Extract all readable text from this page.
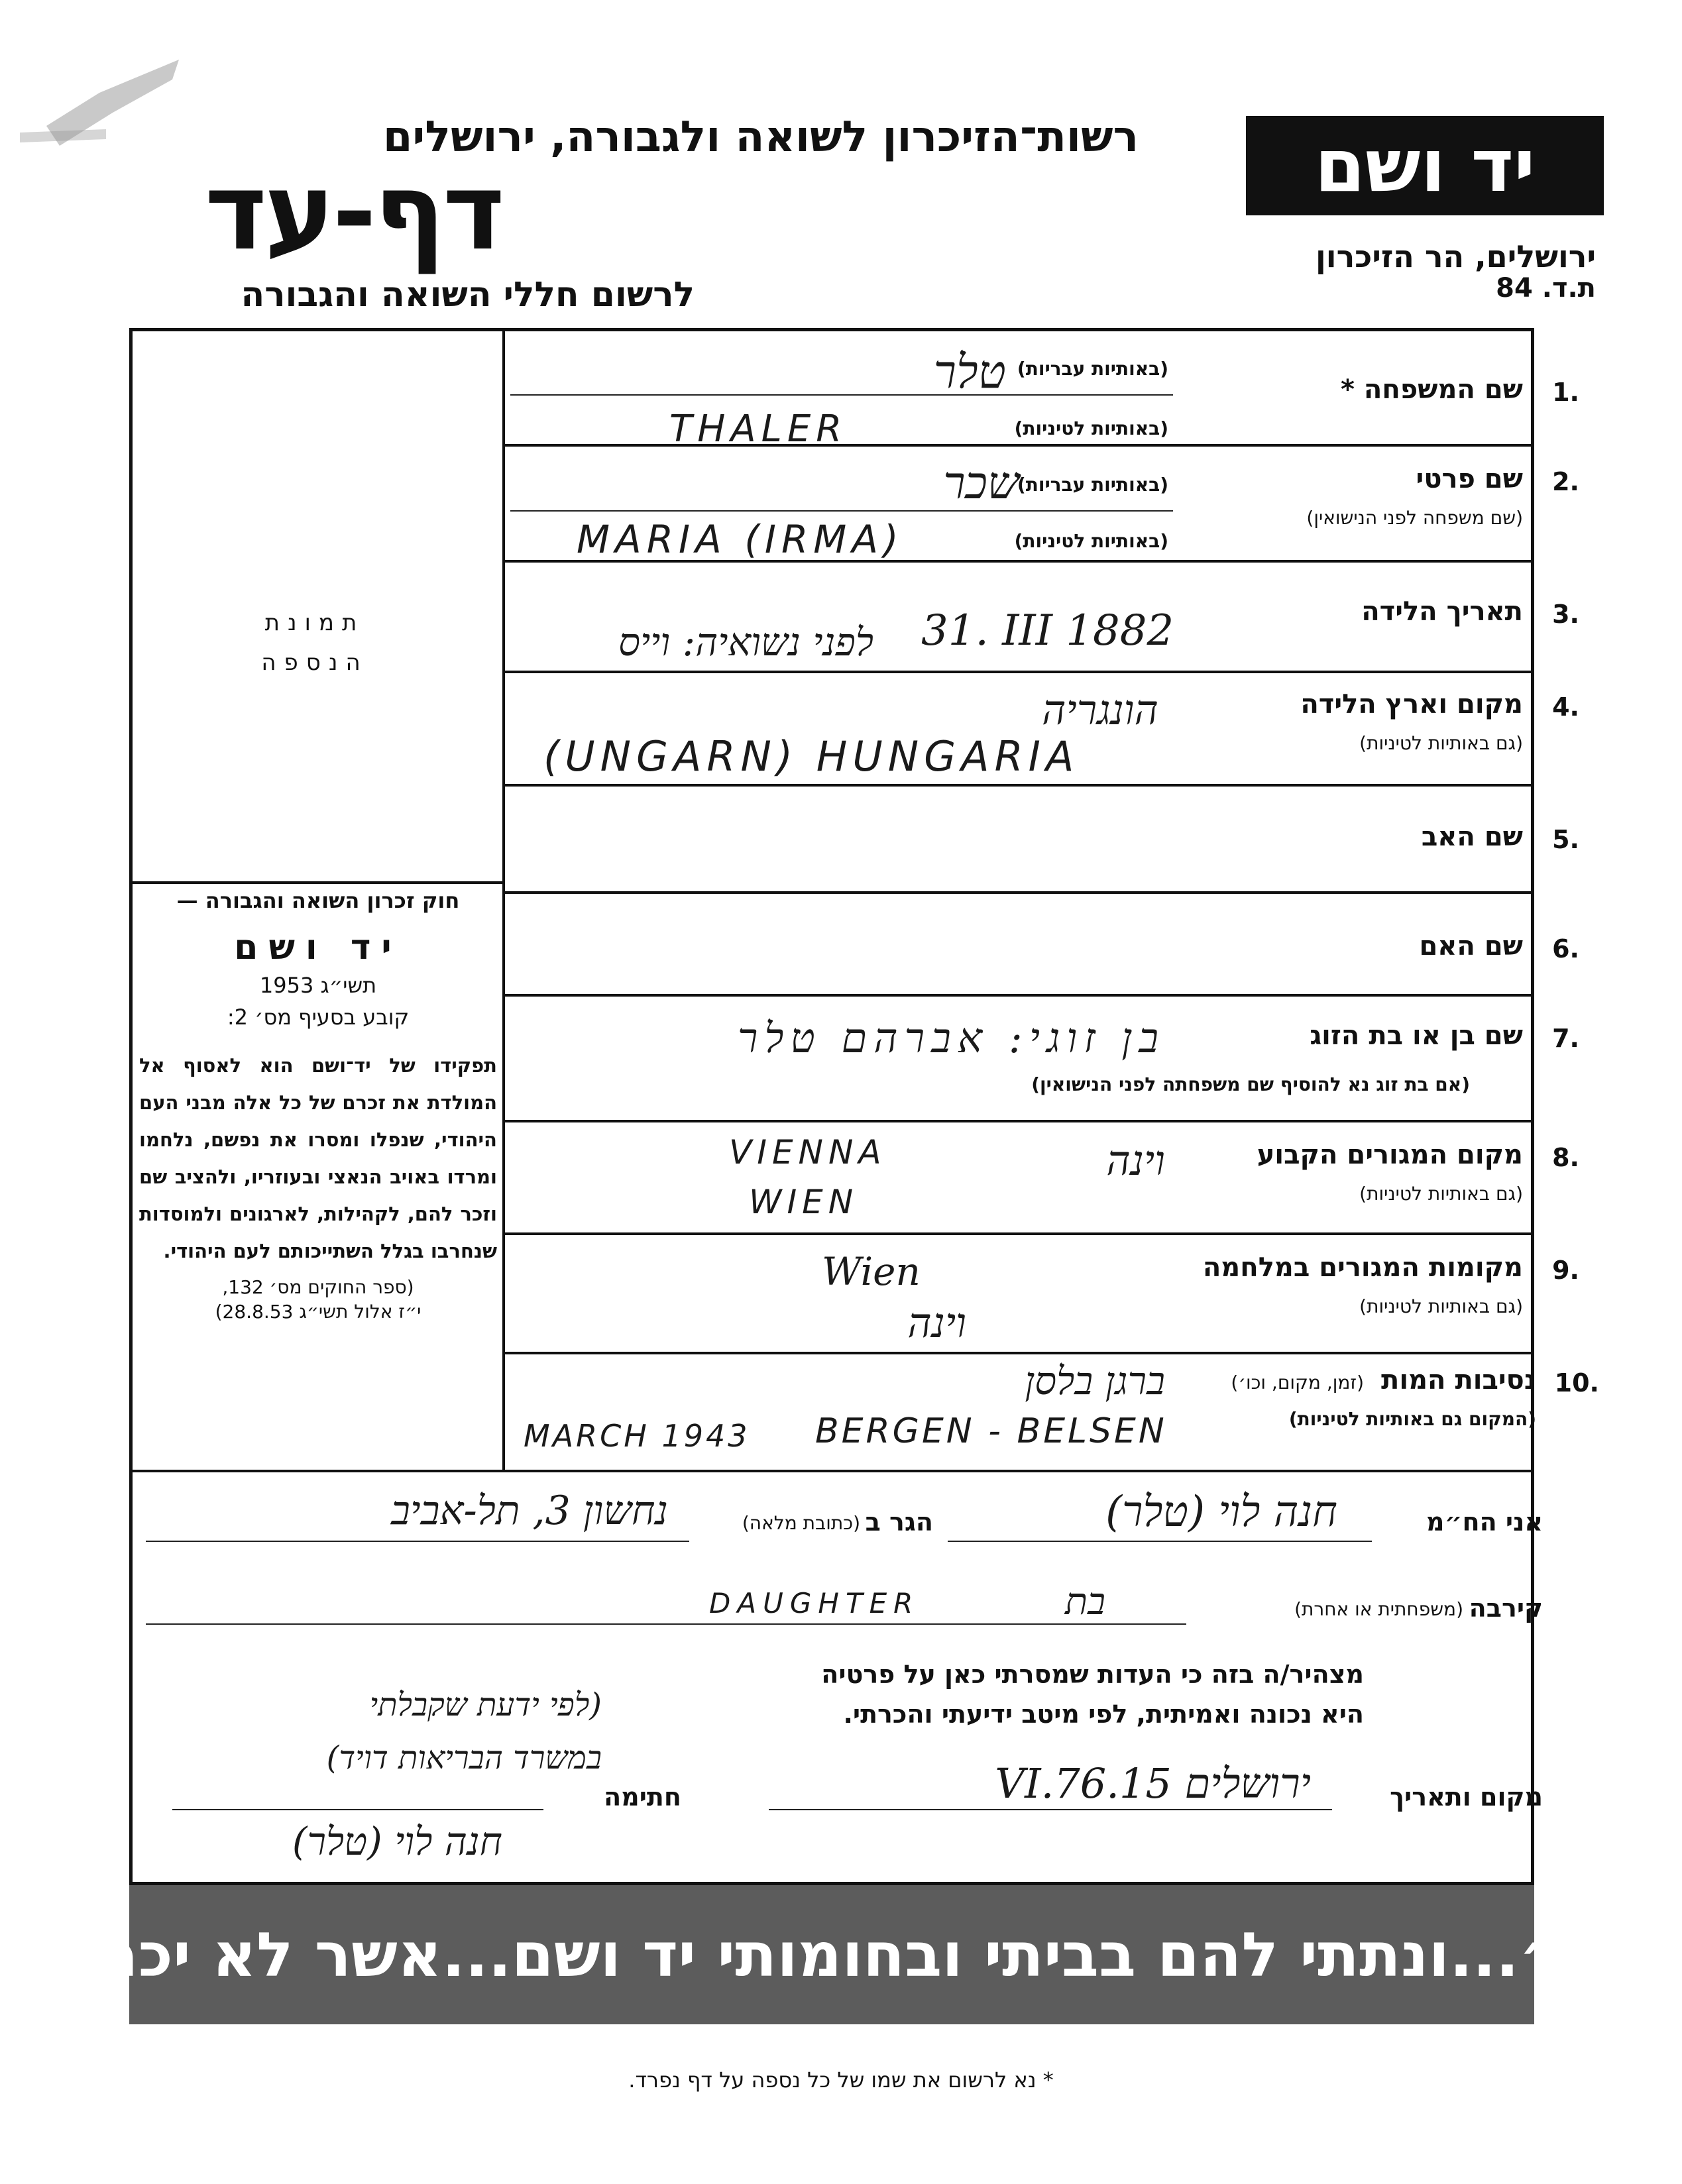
יד ושם
ירושלים, הר הזיכרון
ת.ד. 84
רשות־הזיכרון לשואה ולגבורה, ירושלים
דף-עד
לרשום חללי השואה והגבורה
תמונת
הנספה
חוק זכרון השואה והגבורה —
יד ושם
תשי״ג 1953
קובע בסעיף מס׳ 2:
תפקידו של יד־ושם הוא לאסוף אל המולדת את זכרם של כל אלה מבני העם היהודי, שנפלו ומסרו את נפשם, נלחמו ומרדו באויב הנאצי ובעוזריו, ולהציב שם וזכר להם, לקהילות, לארגונים ולמוסדות שנחרבו בגלל השתייכותם לעם היהודי.
(ספר החוקים מס׳ 132,
י״ז אלול תשי״ג 28.8.53)
1.
שם המשפחה *
(באותיות עבריות)
(באותיות לטיניות)
טלר
THALER
2.
שם פרטי
(שם משפחה לפני הנישואין)
(באותיות עבריות)
(באותיות לטיניות)
שכר
MARIA (IRMA)
3.
תאריך הלידה
31. III 1882
לפני נשואיה: וייס
4.
מקום וארץ הלידה
(גם באותיות לטיניות)
הונגריה
(UNGARN) HUNGARIA
5.
שם האב
6.
שם האם
7.
שם בן או בת הזוג
(אם בת זוג נא להוסיף שם משפחתה לפני הנישואין)
בן זוגי: אברהם טלר
8.
מקום המגורים הקבוע
(גם באותיות לטיניות)
וינה
VIENNA
WIEN
9.
מקומות המגורים במלחמה
(גם באותיות לטיניות)
Wien
וינה
10.
נסיבות המות
(זמן, מקום, וכו׳)
(המקום גם באותיות לטיניות)
ברגן בלסן
BERGEN - BELSEN
MARCH 1943
אני הח״מ
חנה לוי (טלר)
הגר ב
(כתובת מלאה)
נחשון 3, תל-אביב
קירבה
(משפחתית או אחרת)
בת
DAUGHTER
מצהיר/ה בזה כי העדות שמסרתי כאן על פרטיה
היא נכונה ואמיתית, לפי מיטב ידיעתי והכרתי.
(לפי ידעת שקבלתי
במשרד הבריאות דויד)
מקום ותאריך
ירושלים 15.VI.76
חתימה
חנה לוי (טלר)
ישעיהו נו, ה
״...ונתתי להם בביתי ובחומותי יד ושם...אשר לא יכרת״
* נא לרשום את שמו של כל נספה על דף נפרד.
